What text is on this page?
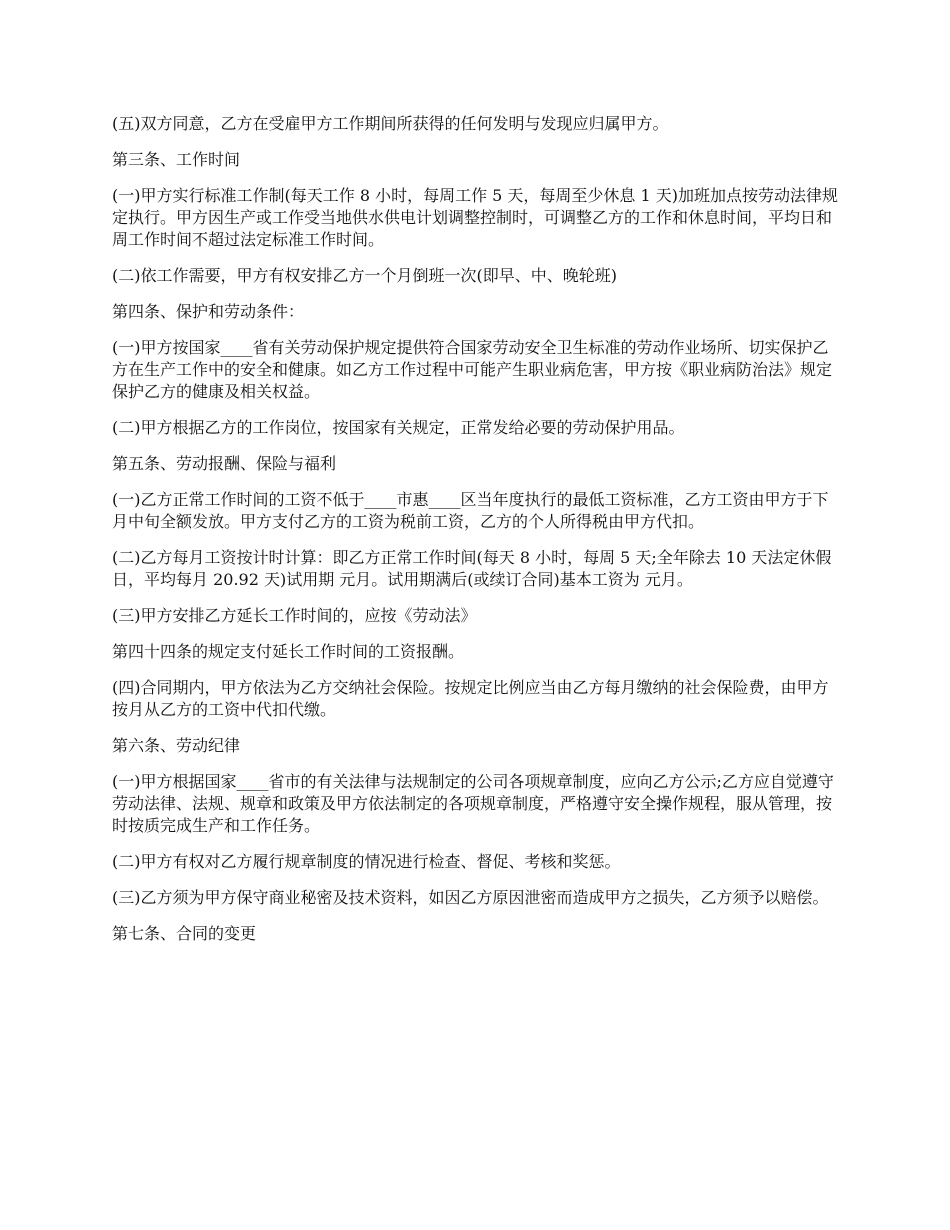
(五)双方同意，乙方在受雇甲方工作期间所获得的任何发明与发现应归属甲方。

第三条、工作时间

(一)甲方实行标准工作制(每天工作 8 小时，每周工作 5 天，每周至少休息 1 天)加班加点按劳动法律规定执行。甲方因生产或工作受当地供水供电计划调整控制时，可调整乙方的工作和休息时间，平均日和周工作时间不超过法定标准工作时间。

(二)依工作需要，甲方有权安排乙方一个月倒班一次(即早、中、晚轮班)

第四条、保护和劳动条件：

(一)甲方按国家____省有关劳动保护规定提供符合国家劳动安全卫生标准的劳动作业场所、切实保护乙方在生产工作中的安全和健康。如乙方工作过程中可能产生职业病危害，甲方按《职业病防治法》规定保护乙方的健康及相关权益。

(二)甲方根据乙方的工作岗位，按国家有关规定，正常发给必要的劳动保护用品。

第五条、劳动报酬、保险与福利

(一)乙方正常工作时间的工资不低于____市惠____区当年度执行的最低工资标准，乙方工资由甲方于下月中旬全额发放。甲方支付乙方的工资为税前工资，乙方的个人所得税由甲方代扣。

(二)乙方每月工资按计时计算：即乙方正常工作时间(每天 8 小时，每周 5 天;全年除去 10 天法定休假日，平均每月 20.92 天)试用期 元月。试用期满后(或续订合同)基本工资为 元月。

(三)甲方安排乙方延长工作时间的，应按《劳动法》

第四十四条的规定支付延长工作时间的工资报酬。

(四)合同期内，甲方依法为乙方交纳社会保险。按规定比例应当由乙方每月缴纳的社会保险费，由甲方按月从乙方的工资中代扣代缴。

第六条、劳动纪律

(一)甲方根据国家____省市的有关法律与法规制定的公司各项规章制度，应向乙方公示;乙方应自觉遵守劳动法律、法规、规章和政策及甲方依法制定的各项规章制度，严格遵守安全操作规程，服从管理，按时按质完成生产和工作任务。

(二)甲方有权对乙方履行规章制度的情况进行检查、督促、考核和奖惩。

(三)乙方须为甲方保守商业秘密及技术资料，如因乙方原因泄密而造成甲方之损失，乙方须予以赔偿。

第七条、合同的变更
